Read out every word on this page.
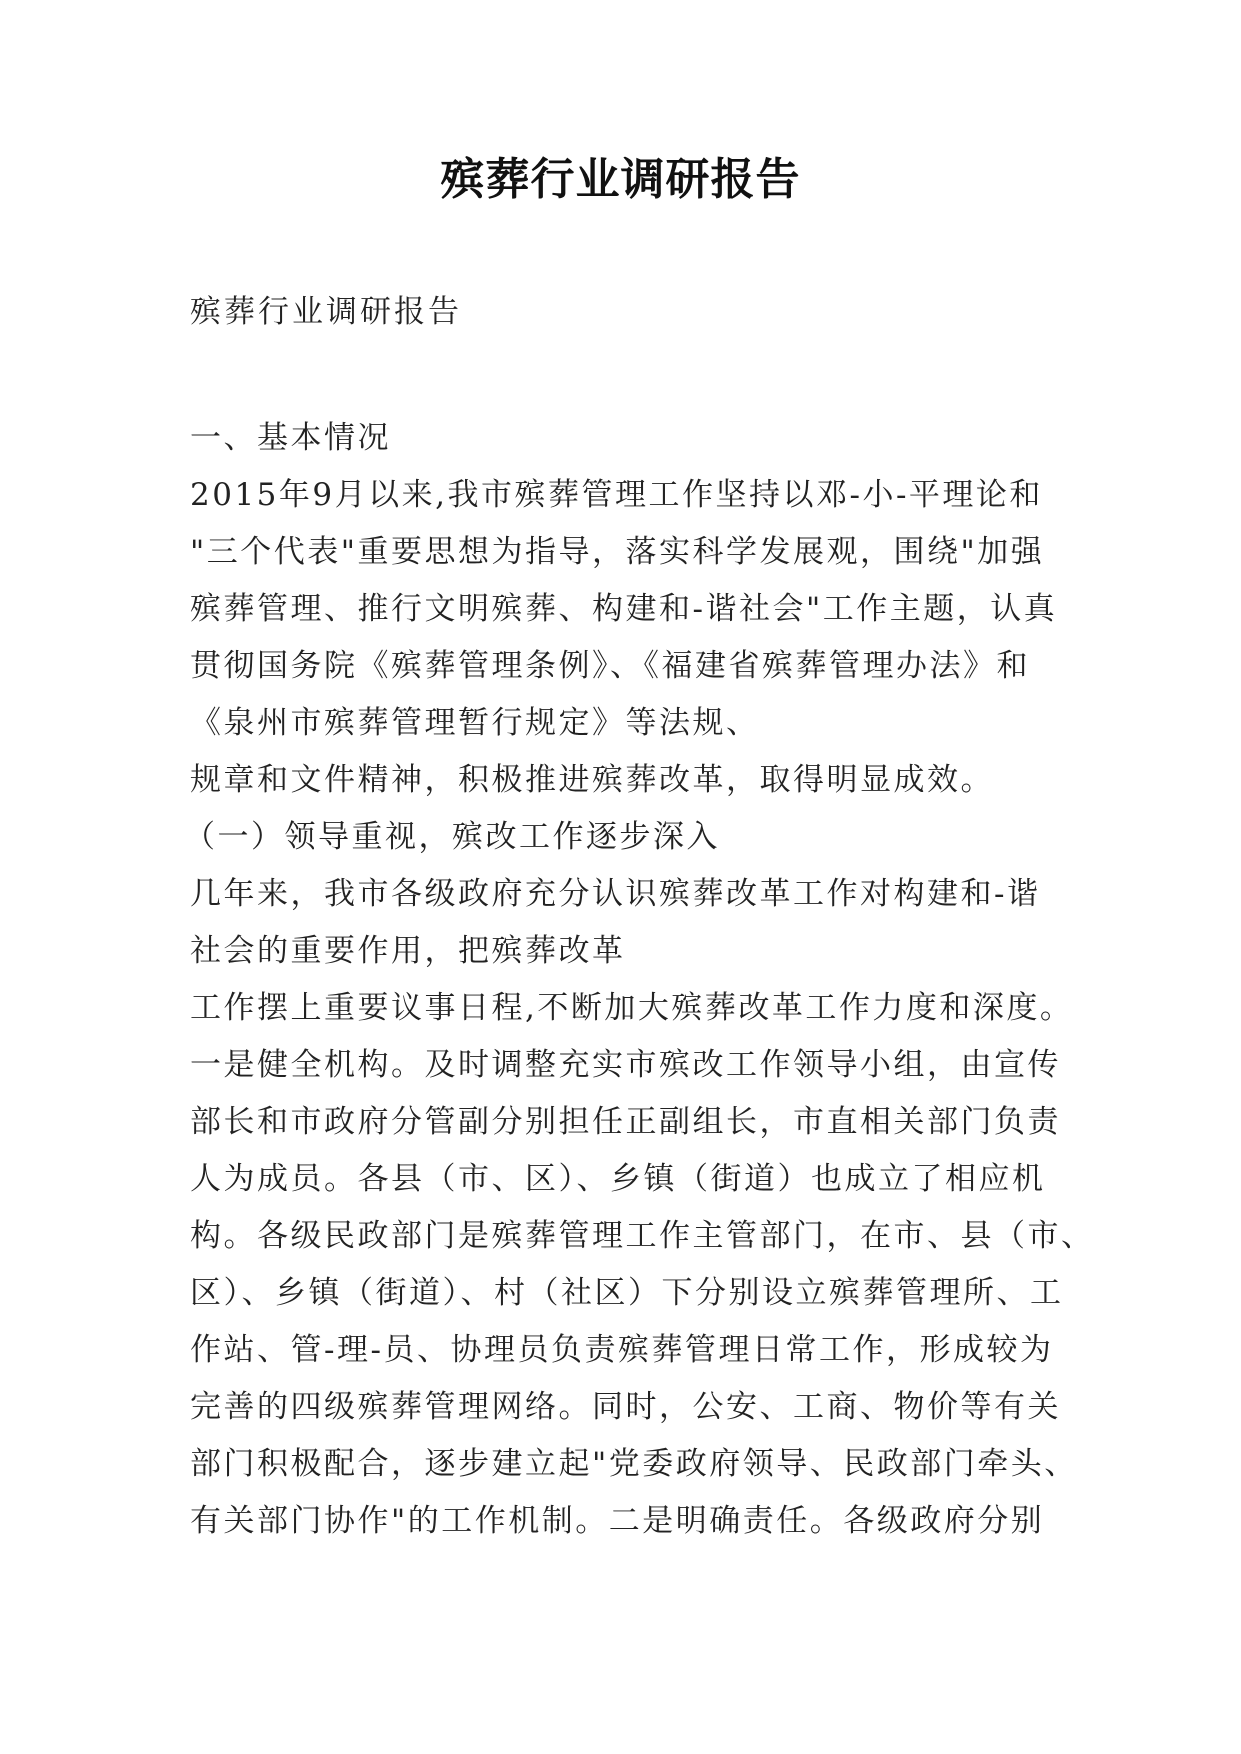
殡葬行业调研报告
殡葬行业调研报告
一、基本情况
2015年9月以来,我市殡葬管理工作坚持以邓-小-平理论和
"三个代表"重要思想为指导，落实科学发展观，围绕"加强
殡葬管理、推行文明殡葬、构建和-谐社会"工作主题，认真
贯彻国务院《殡葬管理条例》、《福建省殡葬管理办法》和
《泉州市殡葬管理暂行规定》等法规、
规章和文件精神，积极推进殡葬改革，取得明显成效。
（一）领导重视，殡改工作逐步深入
几年来，我市各级政府充分认识殡葬改革工作对构建和-谐
社会的重要作用，把殡葬改革
工作摆上重要议事日程,不断加大殡葬改革工作力度和深度。
一是健全机构。及时调整充实市殡改工作领导小组，由宣传
部长和市政府分管副分别担任正副组长，市直相关部门负责
人为成员。各县（市、区）、乡镇（街道）也成立了相应机
构。各级民政部门是殡葬管理工作主管部门，在市、县（市、
区）、乡镇（街道）、村（社区）下分别设立殡葬管理所、工
作站、管-理-员、协理员负责殡葬管理日常工作，形成较为
完善的四级殡葬管理网络。同时，公安、工商、物价等有关
部门积极配合，逐步建立起"党委政府领导、民政部门牵头、
有关部门协作"的工作机制。二是明确责任。各级政府分别
